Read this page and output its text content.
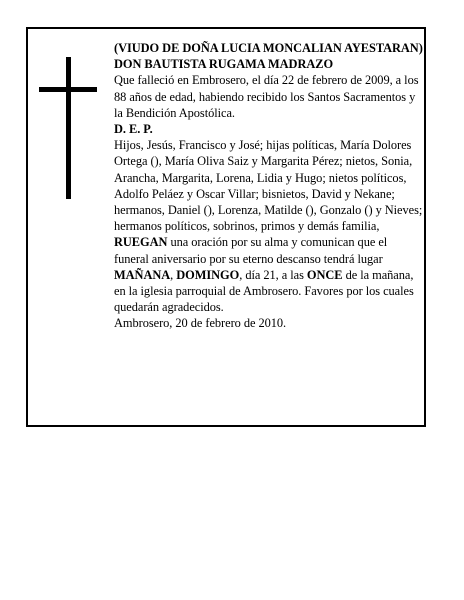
(VIUDO DE DOÑA LUCIA MONCALIAN AYESTARAN)

DON BAUTISTA RUGAMA MADRAZO

Que falleció en Embrosero, el día 22 de febrero de 2009, a los 88 años de edad, habiendo recibido los Santos Sacramentos y la Bendición Apostólica.

D. E. P.

Hijos, Jesús, Francisco y José; hijas políticas, María Dolores Ortega (), María Oliva Saiz y Margarita Pérez; nietos, Sonia, Arancha, Margarita, Lorena, Lidia y Hugo; nietos políticos, Adolfo Peláez y Oscar Villar; bisnietos, David y Nekane; hermanos, Daniel (), Lorenza, Matilde (), Gonzalo () y Nieves; hermanos políticos, sobrinos, primos y demás familia,

RUEGAN una oración por su alma y comunican que el funeral aniversario por su eterno descanso tendrá lugar MAÑANA, DOMINGO, día 21, a las ONCE de la mañana, en la iglesia parroquial de Ambrosero. Favores por los cuales quedarán agradecidos.

Ambrosero, 20 de febrero de 2010.
